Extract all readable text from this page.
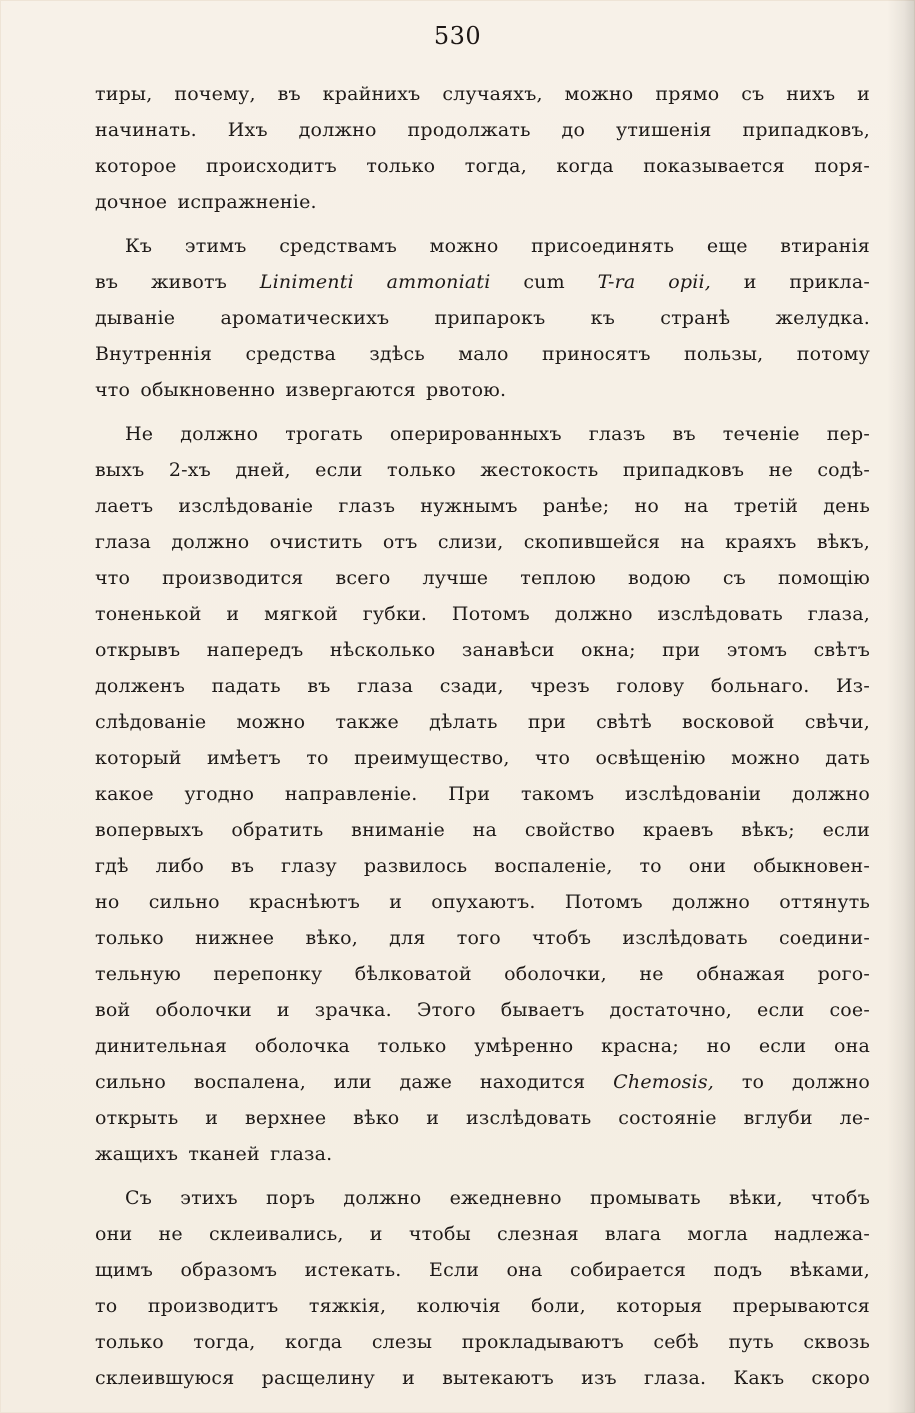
530
тиры, почему, въ крайнихъ случаяхъ, можно прямо съ нихъ и
начинать. Ихъ должно продолжать до утишенія припадковъ,
которое происходитъ только тогда, когда показывается поря-
дочное испражненіе.
Къ этимъ средствамъ можно присоединять еще втиранія
въ животъ Linimenti ammoniati cum T-ra opii, и прикла-
дываніе ароматическихъ припарокъ къ странѣ желудка.
Внутреннія средства здѣсь мало приносятъ пользы, потому
что обыкновенно извергаются рвотою.
Не должно трогать оперированныхъ глазъ въ теченіе пер-
выхъ 2-хъ дней, если только жестокость припадковъ не содѣ-
лаетъ изслѣдованіе глазъ нужнымъ ранѣе; но на третій день
глаза должно очистить отъ слизи, скопившейся на краяхъ вѣкъ,
что производится всего лучше теплою водою съ помощію
тоненькой и мягкой губки. Потомъ должно изслѣдовать глаза,
открывъ напередъ нѣсколько занавѣси окна; при этомъ свѣтъ
долженъ падать въ глаза сзади, чрезъ голову больнаго. Из-
слѣдованіе можно также дѣлать при свѣтѣ восковой свѣчи,
который имѣетъ то преимущество, что освѣщенію можно дать
какое угодно направленіе. При такомъ изслѣдованіи должно
вопервыхъ обратить вниманіе на свойство краевъ вѣкъ; если
гдѣ либо въ глазу развилось воспаленіе, то они обыкновен-
но сильно краснѣютъ и опухаютъ. Потомъ должно оттянуть
только нижнее вѣко, для того чтобъ изслѣдовать соедини-
тельную перепонку бѣлковатой оболочки, не обнажая рого-
вой оболочки и зрачка. Этого бываетъ достаточно, если сое-
динительная оболочка только умѣренно красна; но если она
сильно воспалена, или даже находится Chemosis, то должно
открыть и верхнее вѣко и изслѣдовать состояніе вглуби ле-
жащихъ тканей глаза.
Съ этихъ поръ должно ежедневно промывать вѣки, чтобъ
они не склеивались, и чтобы слезная влага могла надлежа-
щимъ образомъ истекать. Если она собирается подъ вѣками,
то производитъ тяжкія, колючія боли, которыя прерываются
только тогда, когда слезы прокладываютъ себѣ путь сквозь
склеившуюся расщелину и вытекаютъ изъ глаза. Какъ скоро
